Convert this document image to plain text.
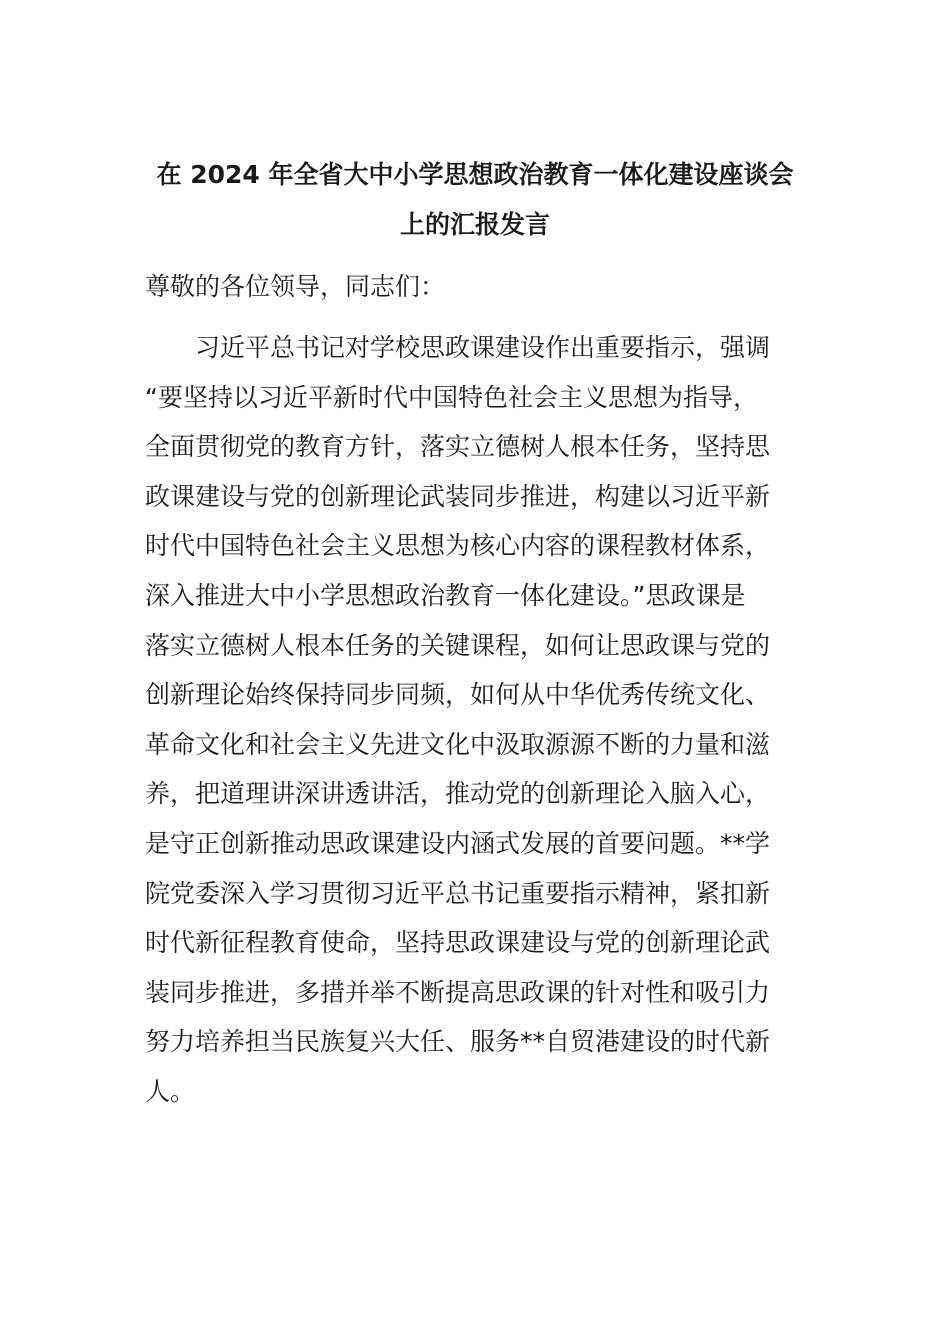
在 2024 年全省大中小学思想政治教育一体化建设座谈会
上的汇报发言

尊敬的各位领导，同志们：

　　习近平总书记对学校思政课建设作出重要指示，强调
“要坚持以习近平新时代中国特色社会主义思想为指导，
全面贯彻党的教育方针，落实立德树人根本任务，坚持思
政课建设与党的创新理论武装同步推进，构建以习近平新
时代中国特色社会主义思想为核心内容的课程教材体系，
深入推进大中小学思想政治教育一体化建设。”思政课是
落实立德树人根本任务的关键课程，如何让思政课与党的
创新理论始终保持同步同频，如何从中华优秀传统文化、
革命文化和社会主义先进文化中汲取源源不断的力量和滋
养，把道理讲深讲透讲活，推动党的创新理论入脑入心，
是守正创新推动思政课建设内涵式发展的首要问题。**学
院党委深入学习贯彻习近平总书记重要指示精神，紧扣新
时代新征程教育使命，坚持思政课建设与党的创新理论武
装同步推进，多措并举不断提高思政课的针对性和吸引力
努力培养担当民族复兴大任、服务**自贸港建设的时代新
人。
